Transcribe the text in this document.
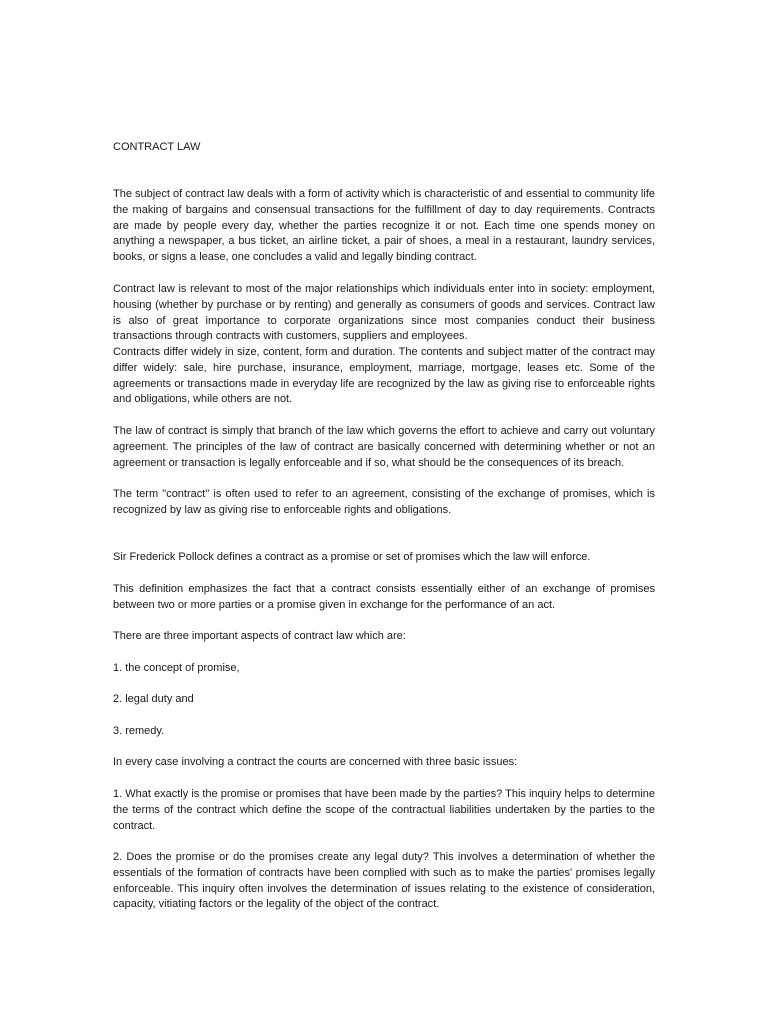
CONTRACT LAW

The subject of contract law deals with a form of activity which is characteristic of and essential to community life the making of bargains and consensual transactions for the fulfillment of day to day requirements. Contracts are made by people every day, whether the parties recognize it or not. Each time one spends money on anything a newspaper, a bus ticket, an airline ticket, a pair of shoes, a meal in a restaurant, laundry services, books, or signs a lease, one concludes a valid and legally binding contract.

Contract law is relevant to most of the major relationships which individuals enter into in society: employment, housing (whether by purchase or by renting) and generally as consumers of goods and services. Contract law is also of great importance to corporate organizations since most companies conduct their business transactions through contracts with customers, suppliers and employees.

Contracts differ widely in size, content, form and duration. The contents and subject matter of the contract may differ widely: sale, hire purchase, insurance, employment, marriage, mortgage, leases etc. Some of the agreements or transactions made in everyday life are recognized by the law as giving rise to enforceable rights and obligations, while others are not.

The law of contract is simply that branch of the law which governs the effort to achieve and carry out voluntary agreement. The principles of the law of contract are basically concerned with determining whether or not an agreement or transaction is legally enforceable and if so, what should be the consequences of its breach.

The term "contract" is often used to refer to an agreement, consisting of the exchange of promises, which is recognized by law as giving rise to enforceable rights and obligations.

Sir Frederick Pollock defines a contract as a promise or set of promises which the law will enforce.

This definition emphasizes the fact that a contract consists essentially either of an exchange of promises between two or more parties or a promise given in exchange for the performance of an act.

There are three important aspects of contract law which are:

1. the concept of promise,

2. legal duty and

3. remedy.

In every case involving a contract the courts are concerned with three basic issues:

1. What exactly is the promise or promises that have been made by the parties? This inquiry helps to determine the terms of the contract which define the scope of the contractual liabilities undertaken by the parties to the contract.

2. Does the promise or do the promises create any legal duty? This involves a determination of whether the essentials of the formation of contracts have been complied with such as to make the parties' promises legally enforceable. This inquiry often involves the determination of issues relating to the existence of consideration, capacity, vitiating factors or the legality of the object of the contract.
